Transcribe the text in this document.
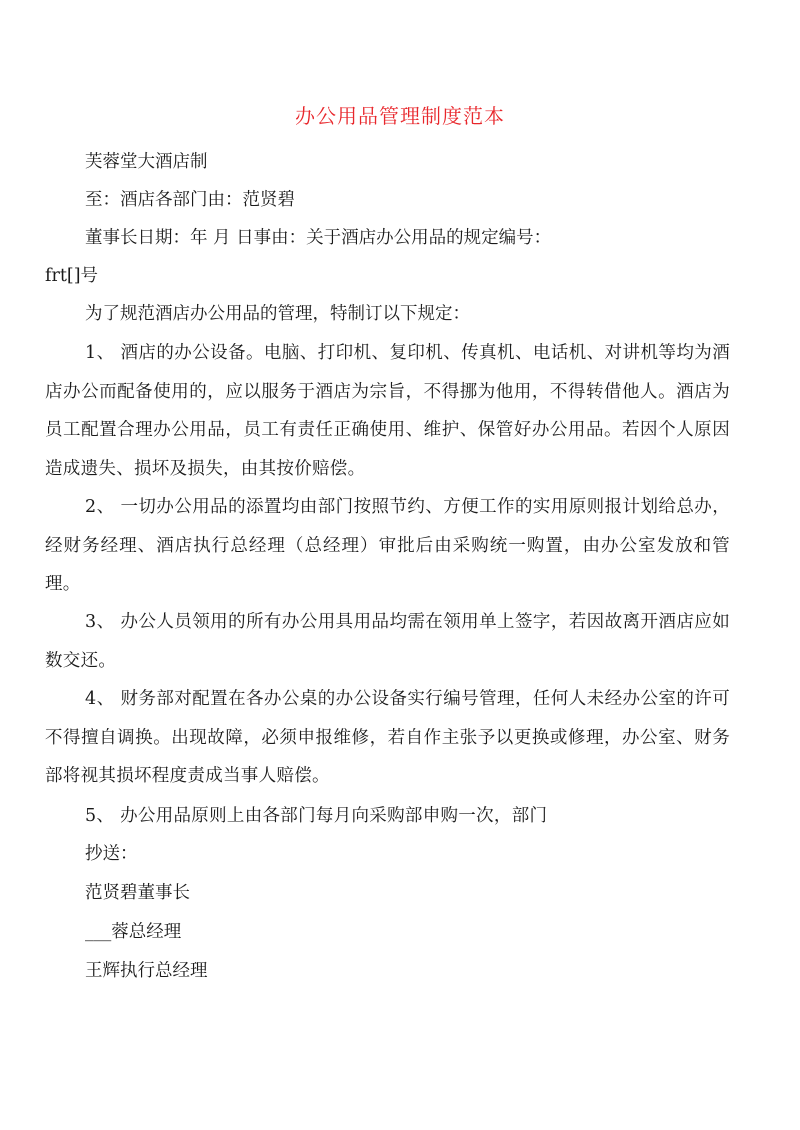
办公用品管理制度范本
芙蓉堂大酒店制
至：酒店各部门由：范贤碧
董事长日期：年 月 日事由：关于酒店办公用品的规定编号：
frt[]号
为了规范酒店办公用品的管理，特制订以下规定：
1、 酒店的办公设备。电脑、打印机、复印机、传真机、电话机、对讲机等均为酒店办公而配备使用的，应以服务于酒店为宗旨，不得挪为他用，不得转借他人。酒店为员工配置合理办公用品，员工有责任正确使用、维护、保管好办公用品。若因个人原因造成遗失、损坏及损失，由其按价赔偿。
2、 一切办公用品的添置均由部门按照节约、方便工作的实用原则报计划给总办，经财务经理、酒店执行总经理（总经理）审批后由采购统一购置，由办公室发放和管理。
3、 办公人员领用的所有办公用具用品均需在领用单上签字，若因故离开酒店应如数交还。
4、 财务部对配置在各办公桌的办公设备实行编号管理，任何人未经办公室的许可不得擅自调换。出现故障，必须申报维修，若自作主张予以更换或修理，办公室、财务部将视其损坏程度责成当事人赔偿。
5、 办公用品原则上由各部门每月向采购部申购一次，部门
抄送：
范贤碧董事长
___蓉总经理
王辉执行总经理
